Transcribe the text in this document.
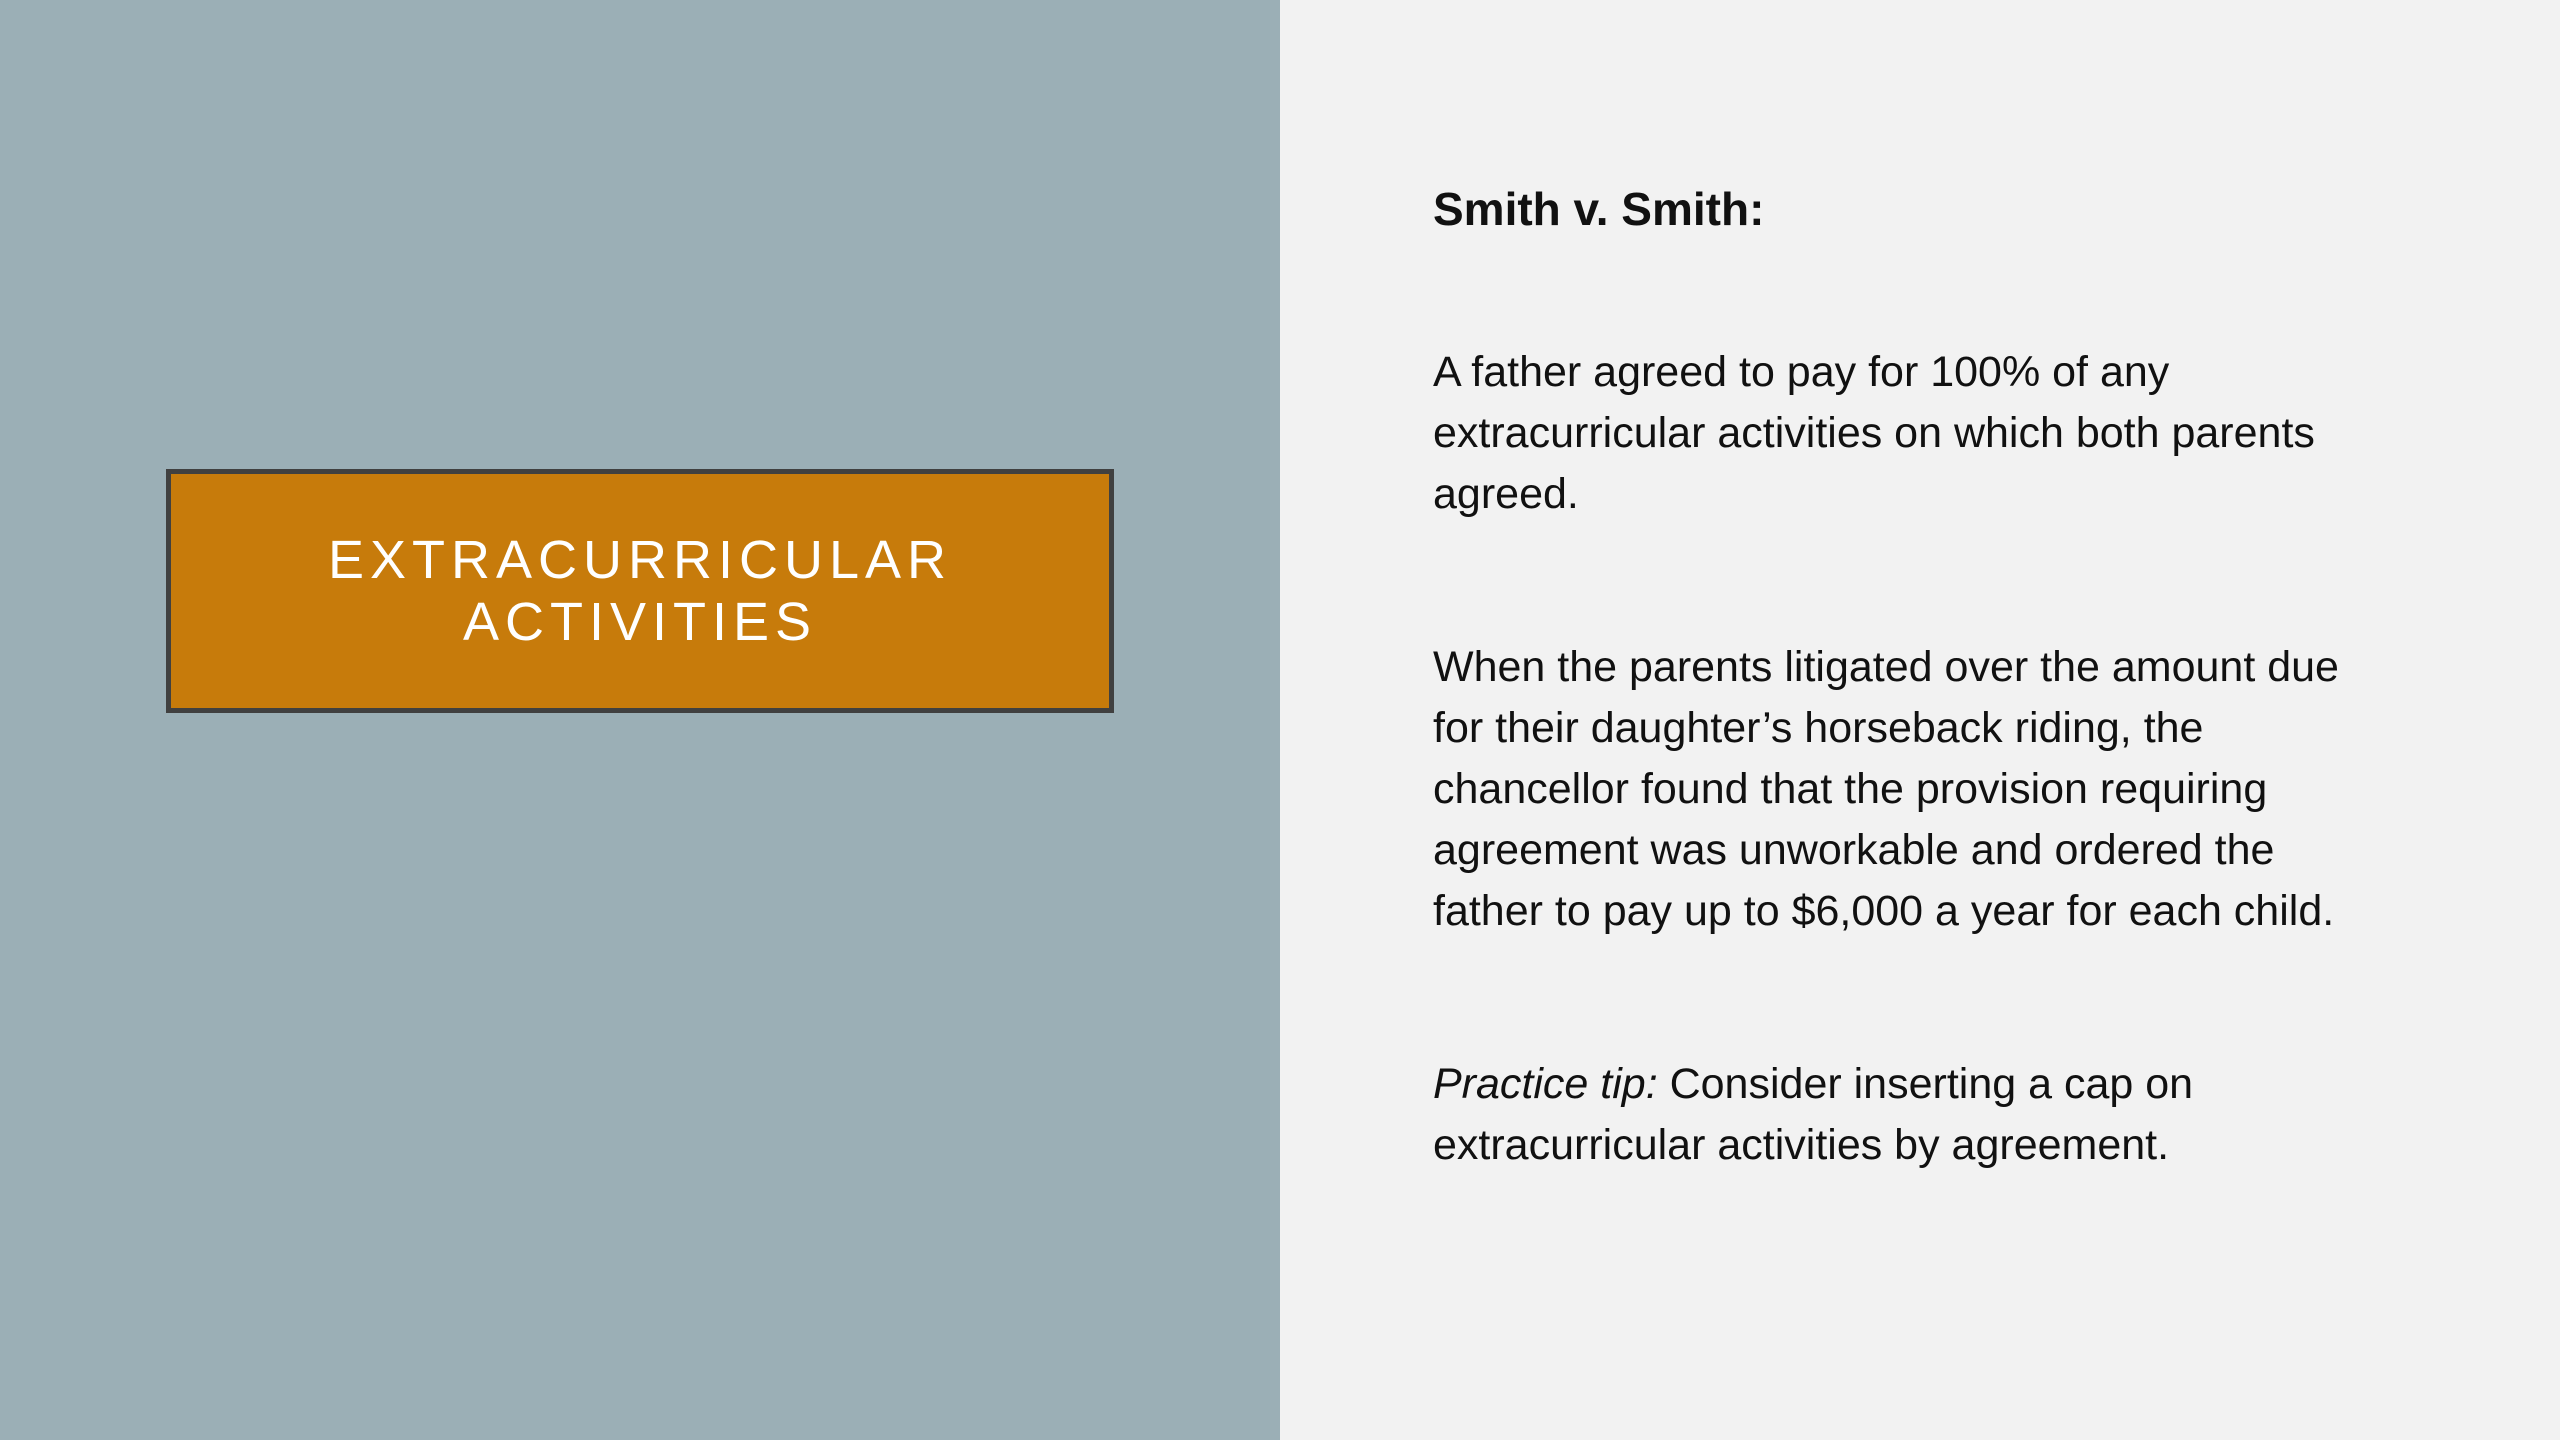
EXTRACURRICULAR ACTIVITIES

Smith v. Smith:

A father agreed to pay for 100% of any extracurricular activities on which both parents agreed.

When the parents litigated over the amount due for their daughter’s horseback riding, the chancellor found that the provision requiring agreement was unworkable and ordered the father to pay up to $6,000 a year for each child.

Practice tip: Consider inserting a cap on extracurricular activities by agreement.
